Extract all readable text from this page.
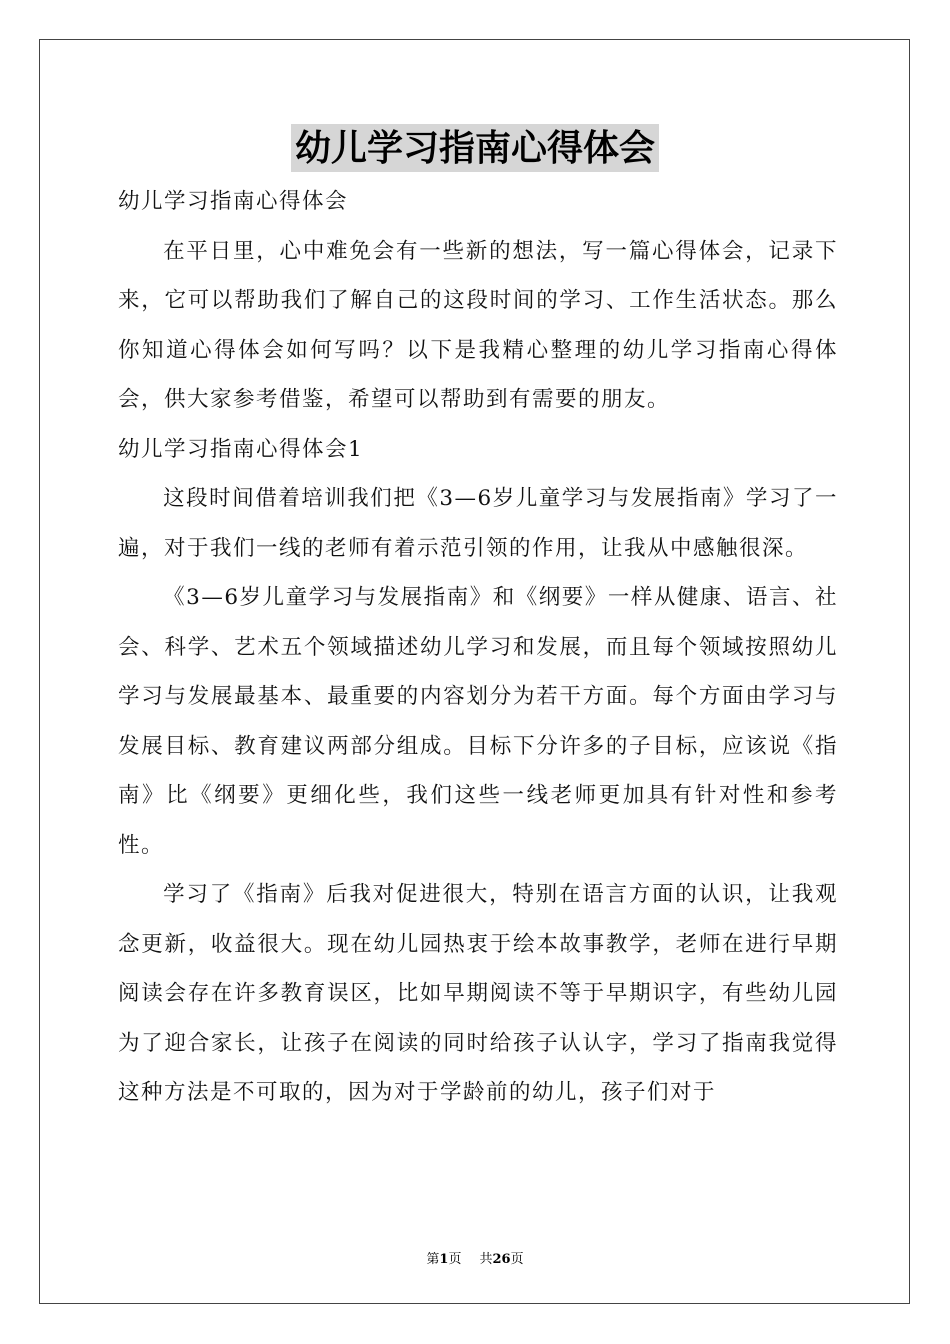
幼儿学习指南心得体会

幼儿学习指南心得体会

在平日里，心中难免会有一些新的想法，写一篇心得体会，记录下来，它可以帮助我们了解自己的这段时间的学习、工作生活状态。那么你知道心得体会如何写吗？以下是我精心整理的幼儿学习指南心得体会，供大家参考借鉴，希望可以帮助到有需要的朋友。

幼儿学习指南心得体会1

这段时间借着培训我们把《3—6岁儿童学习与发展指南》学习了一遍，对于我们一线的老师有着示范引领的作用，让我从中感触很深。

《3—6岁儿童学习与发展指南》和《纲要》一样从健康、语言、社会、科学、艺术五个领域描述幼儿学习和发展，而且每个领域按照幼儿学习与发展最基本、最重要的内容划分为若干方面。每个方面由学习与发展目标、教育建议两部分组成。目标下分许多的子目标，应该说《指南》比《纲要》更细化些，我们这些一线老师更加具有针对性和参考性。

学习了《指南》后我对促进很大，特别在语言方面的认识，让我观念更新，收益很大。现在幼儿园热衷于绘本故事教学，老师在进行早期阅读会存在许多教育误区，比如早期阅读不等于早期识字，有些幼儿园为了迎合家长，让孩子在阅读的同时给孩子认认字，学习了指南我觉得这种方法是不可取的，因为对于学龄前的幼儿，孩子们对于

第1页 共26页
